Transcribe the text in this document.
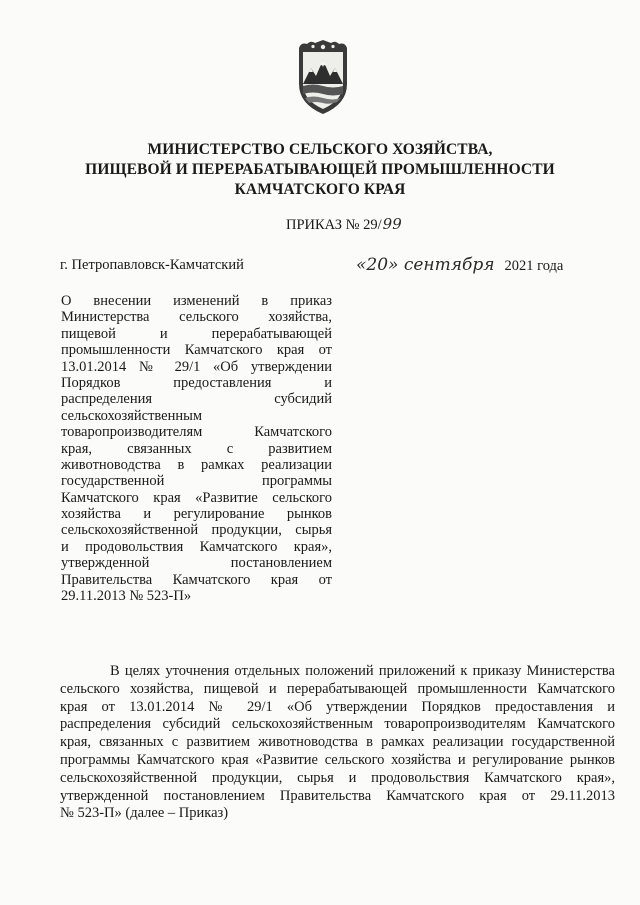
МИНИСТЕРСТВО СЕЛЬСКОГО ХОЗЯЙСТВА,
ПИЩЕВОЙ И ПЕРЕРАБАТЫВАЮЩЕЙ ПРОМЫШЛЕННОСТИ
КАМЧАТСКОГО КРАЯ
ПРИКАЗ № 29/99
г. Петропавловск-Камчатский	«20» сентября 2021 года
О внесении изменений в приказ
Министерства сельского хозяйства,
пищевой и перерабатывающей
промышленности Камчатского края от
13.01.2014 № 29/1 «Об утверждении
Порядков предоставления и
распределения субсидий
сельскохозяйственным
товаропроизводителям Камчатского
края, связанных с развитием
животноводства в рамках реализации
государственной программы
Камчатского края «Развитие сельского
хозяйства и регулирование рынков
сельскохозяйственной продукции, сырья
и продовольствия Камчатского края»,
утвержденной постановлением
Правительства Камчатского края от
29.11.2013 № 523-П»
В целях уточнения отдельных положений приложений к приказу Министерства
сельского хозяйства, пищевой и перерабатывающей промышленности Камчатского
края от 13.01.2014 № 29/1 «Об утверждении Порядков предоставления и
распределения субсидий сельскохозяйственным товаропроизводителям Камчатского
края, связанных с развитием животноводства в рамках реализации государственной
программы Камчатского края «Развитие сельского хозяйства и регулирование рынков
сельскохозяйственной продукции, сырья и продовольствия Камчатского края»,
утвержденной постановлением Правительства Камчатского края от 29.11.2013
№ 523-П» (далее – Приказ)
